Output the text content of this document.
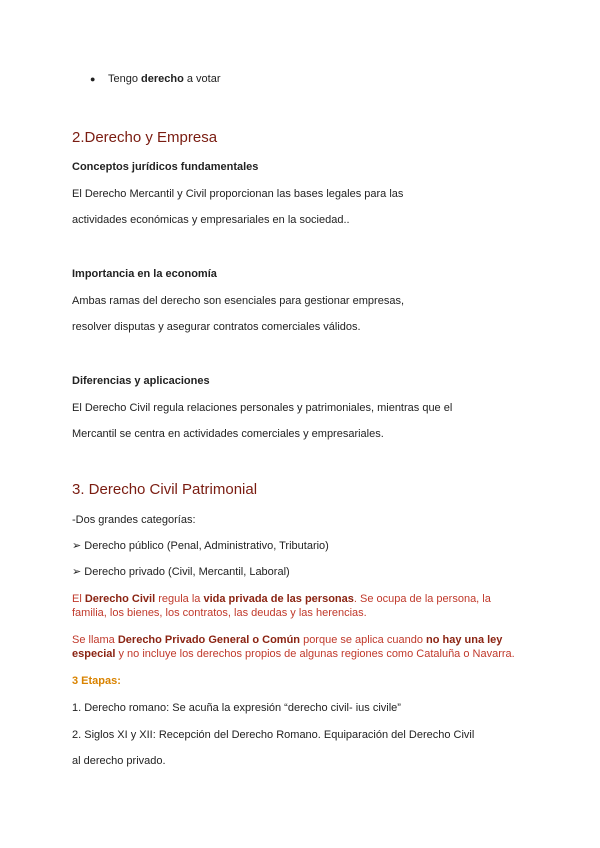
● Tengo derecho a votar
2.Derecho y Empresa
Conceptos jurídicos fundamentales
El Derecho Mercantil y Civil proporcionan las bases legales para las
actividades económicas y empresariales en la sociedad..
Importancia en la economía
Ambas ramas del derecho son esenciales para gestionar empresas,
resolver disputas y asegurar contratos comerciales válidos.
Diferencias y aplicaciones
El Derecho Civil regula relaciones personales y patrimoniales, mientras que el
Mercantil se centra en actividades comerciales y empresariales.
3. Derecho Civil Patrimonial
-Dos grandes categorías:
➢ Derecho público (Penal, Administrativo, Tributario)
➢ Derecho privado (Civil, Mercantil, Laboral)
El Derecho Civil regula la vida privada de las personas. Se ocupa de la persona, la
familia, los bienes, los contratos, las deudas y las herencias.
Se llama Derecho Privado General o Común porque se aplica cuando no hay una ley
especial y no incluye los derechos propios de algunas regiones como Cataluña o Navarra.
3 Etapas:
1. Derecho romano: Se acuña la expresión “derecho civil- ius civile”
2. Siglos XI y XII: Recepción del Derecho Romano. Equiparación del Derecho Civil
al derecho privado.
